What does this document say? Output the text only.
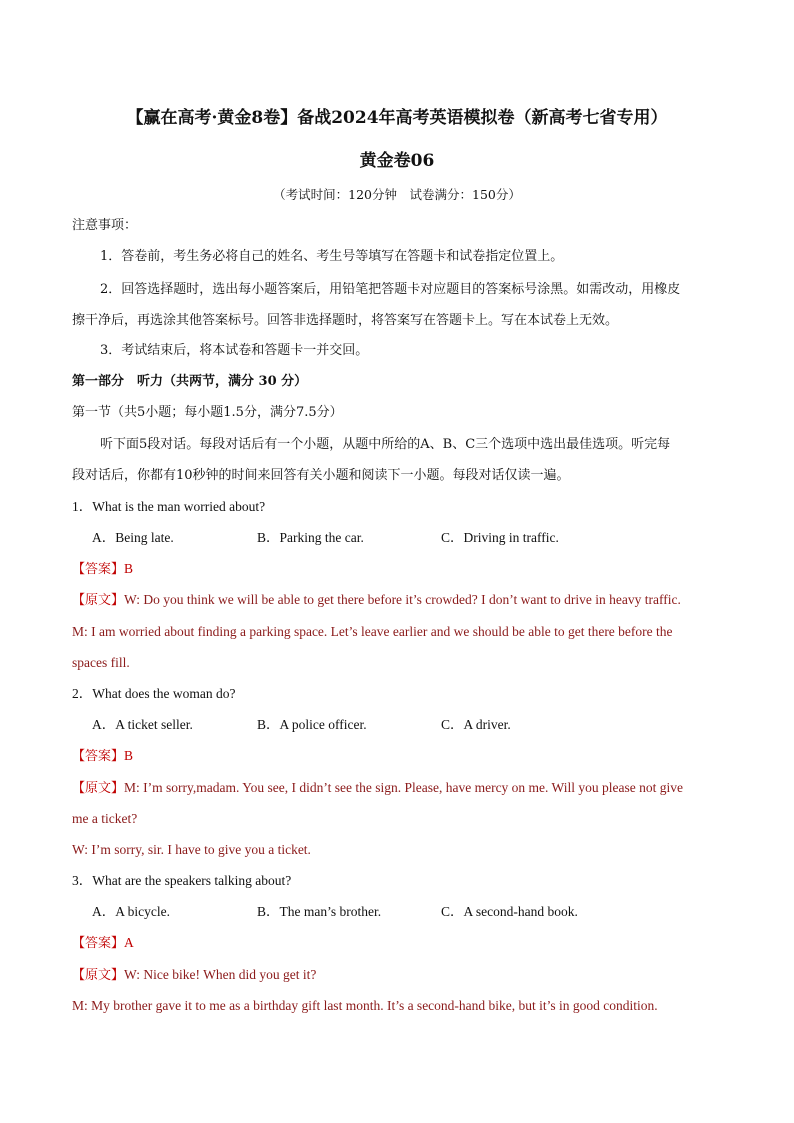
【赢在高考·黄金8卷】备战2024年高考英语模拟卷（新高考七省专用）
黄金卷06
（考试时间：120分钟　试卷满分：150分）
注意事项：
1．答卷前，考生务必将自己的姓名、考生号等填写在答题卡和试卷指定位置上。
2．回答选择题时，选出每小题答案后，用铅笔把答题卡对应题目的答案标号涂黑。如需改动，用橡皮
擦干净后，再选涂其他答案标号。回答非选择题时，将答案写在答题卡上。写在本试卷上无效。
3．考试结束后，将本试卷和答题卡一并交回。
第一部分　听力（共两节，满分 30 分）
第一节（共5小题；每小题1.5分，满分7.5分）
听下面5段对话。每段对话后有一个小题，从题中所给的A、B、C三个选项中选出最佳选项。听完每
段对话后，你都有10秒钟的时间来回答有关小题和阅读下一小题。每段对话仅读一遍。
1．What is the man worried about?
A．Being late.	B．Parking the car.	C．Driving in traffic.
【答案】B
【原文】W: Do you think we will be able to get there before it’s crowded? I don’t want to drive in heavy traffic.
M: I am worried about finding a parking space. Let’s leave earlier and we should be able to get there before the
spaces fill.
2．What does the woman do?
A．A ticket seller.	B．A police officer.	C．A driver.
【答案】B
【原文】M: I’m sorry,madam. You see, I didn’t see the sign. Please, have mercy on me. Will you please not give
me a ticket?
W: I’m sorry, sir. I have to give you a ticket.
3．What are the speakers talking about?
A．A bicycle.	B．The man’s brother.	C．A second-hand book.
【答案】A
【原文】W: Nice bike! When did you get it?
M: My brother gave it to me as a birthday gift last month. It’s a second-hand bike, but it’s in good condition.
